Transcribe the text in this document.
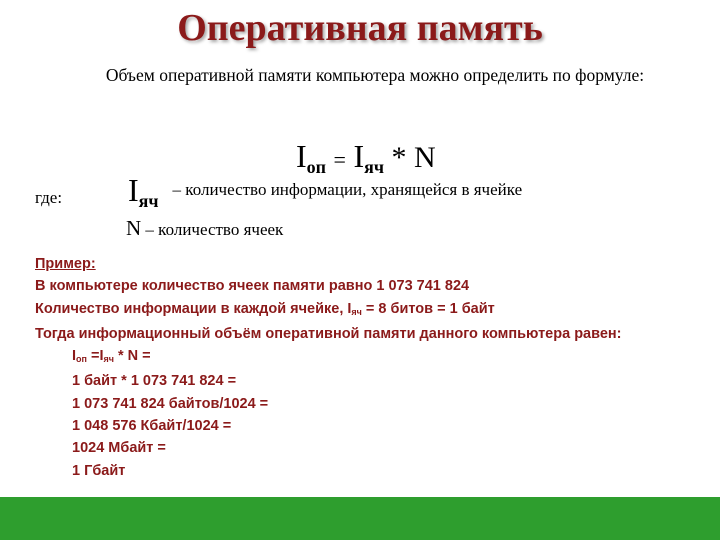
Оперативная память
Объем оперативной памяти компьютера можно определить по формуле:
$I_{оп} = I_{яч} * N$
где: $I_{яч}$ – количество информации, хранящейся в ячейке
N – количество ячеек
Пример:
В компьютере количество ячеек памяти равно 1 073 741 824
Количество информации в каждой ячейке, $I_{яч} = 8$ битов = 1 байт
Тогда информационный объём оперативной памяти данного компьютера равен:
$I_{оп} =I_{яч} * N$ =
1 байт * 1 073 741 824 =
1 073 741 824 байтов/1024 =
1 048 576 Кбайт/1024 =
1024 Мбайт =
1 Гбайт
